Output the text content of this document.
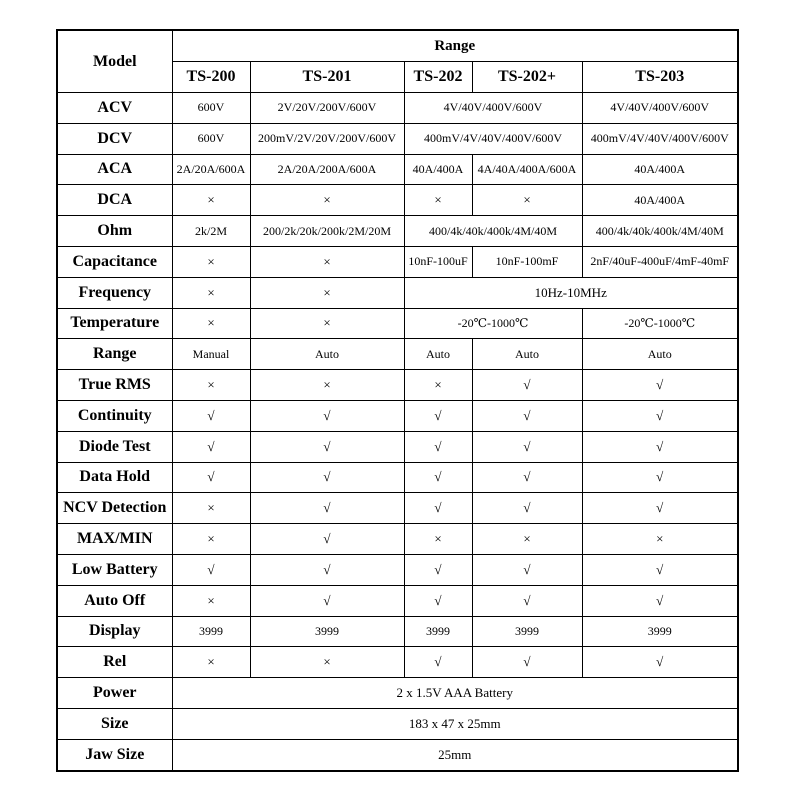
Model	Range				
	TS-200	TS-201	TS-202	TS-202+	TS-203
ACV	600V	2V/20V/200V/600V	4V/40V/400V/600V		4V/40V/400V/600V
DCV	600V	200mV/2V/20V/200V/600V	400mV/4V/40V/400V/600V		400mV/4V/40V/400V/600V
ACA	2A/20A/600A	2A/20A/200A/600A	40A/400A	4A/40A/400A/600A	40A/400A
DCA	×	×	×	×	40A/400A
Ohm	2k/2M	200/2k/20k/200k/2M/20M	400/4k/40k/400k/4M/40M		400/4k/40k/400k/4M/40M
Capacitance	×	×	10nF-100uF	10nF-100mF	2nF/40uF-400uF/4mF-40mF
Frequency	×	×	10Hz-10MHz		
Temperature	×	×	-20℃-1000℃		-20℃-1000℃
Range	Manual	Auto	Auto	Auto	Auto
True RMS	×	×	×	√	√
Continuity	√	√	√	√	√
Diode Test	√	√	√	√	√
Data Hold	√	√	√	√	√
NCV Detection	×	√	√	√	√
MAX/MIN	×	√	×	×	×
Low Battery	√	√	√	√	√
Auto Off	×	√	√	√	√
Display	3999	3999	3999	3999	3999
Rel	×	×	√	√	√
Power	2 x 1.5V AAA Battery				
Size	183 x 47 x 25mm				
Jaw Size	25mm				
